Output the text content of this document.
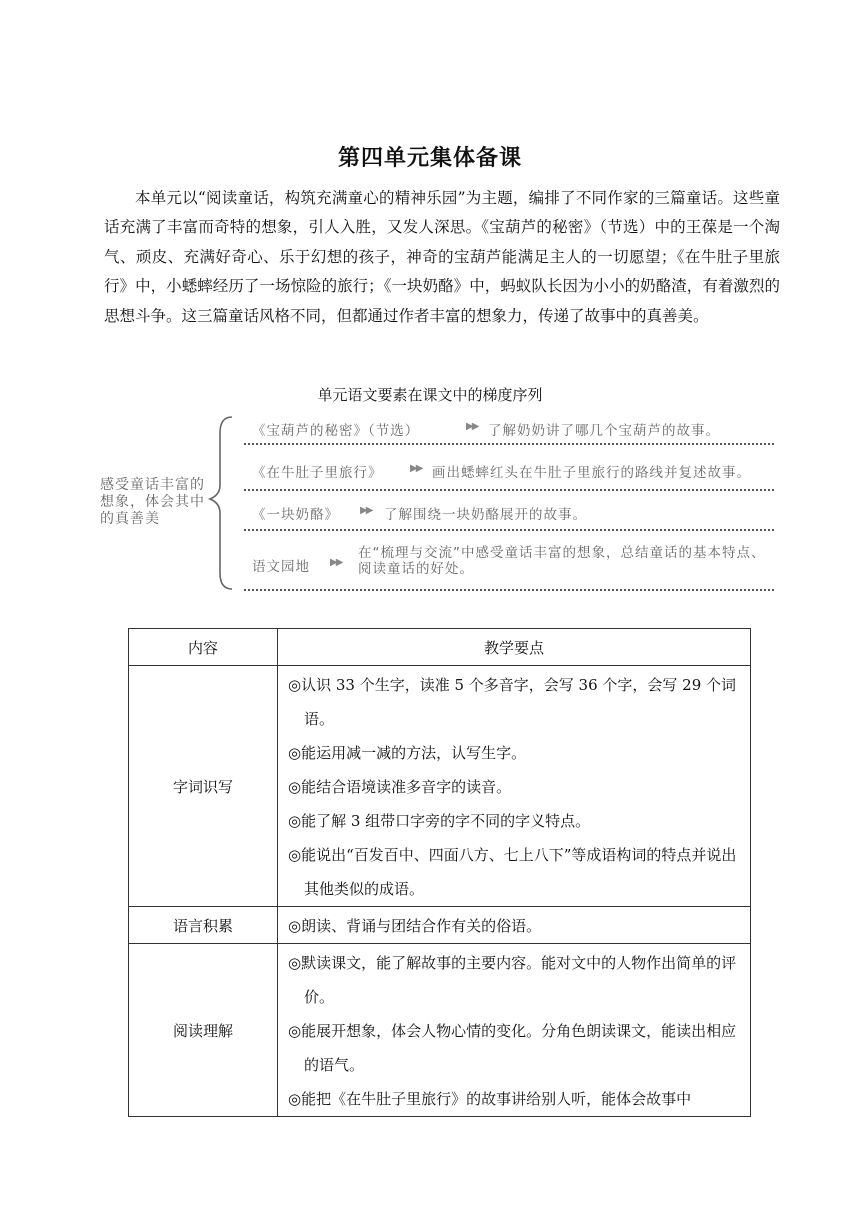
第四单元集体备课
本单元以“阅读童话，构筑充满童心的精神乐园”为主题，编排了不同作家的三篇童话。这些童话充满了丰富而奇特的想象，引人入胜，又发人深思。《宝葫芦的秘密》（节选）中的王葆是一个淘气、顽皮、充满好奇心、乐于幻想的孩子，神奇的宝葫芦能满足主人的一切愿望；《在牛肚子里旅行》中，小蟋蟀经历了一场惊险的旅行；《一块奶酪》中，蚂蚁队长因为小小的奶酪渣，有着激烈的思想斗争。这三篇童话风格不同，但都通过作者丰富的想象力，传递了故事中的真善美。
单元语文要素在课文中的梯度序列
感受童话丰富的想象，体会其中的真善美
《宝葫芦的秘密》（节选）	▶▶ 了解奶奶讲了哪几个宝葫芦的故事。
《在牛肚子里旅行》	▶▶ 画出蟋蟀红头在牛肚子里旅行的路线并复述故事。
《一块奶酪》 ▶▶ 了解围绕一块奶酪展开的故事。
语文园地 ▶▶
在“梳理与交流”中感受童话丰富的想象，总结童话的基本特点、阅读童话的好处。
内容	教学要点
字词识写	◎认识 33 个生字，读准 5 个多音字，会写 36 个字，会写 29 个词语。
◎能运用减一减的方法，认写生字。
◎能结合语境读准多音字的读音。
◎能了解 3 组带口字旁的字不同的字义特点。
◎能说出“百发百中、四面八方、七上八下”等成语构词的特点并说出其他类似的成语。

语言积累	◎朗读、背诵与团结合作有关的俗语。

阅读理解	◎默读课文，能了解故事的主要内容。能对文中的人物作出简单的评价。
◎能展开想象，体会人物心情的变化。分角色朗读课文，能读出相应的语气。
◎能把《在牛肚子里旅行》的故事讲给别人听，能体会故事中
